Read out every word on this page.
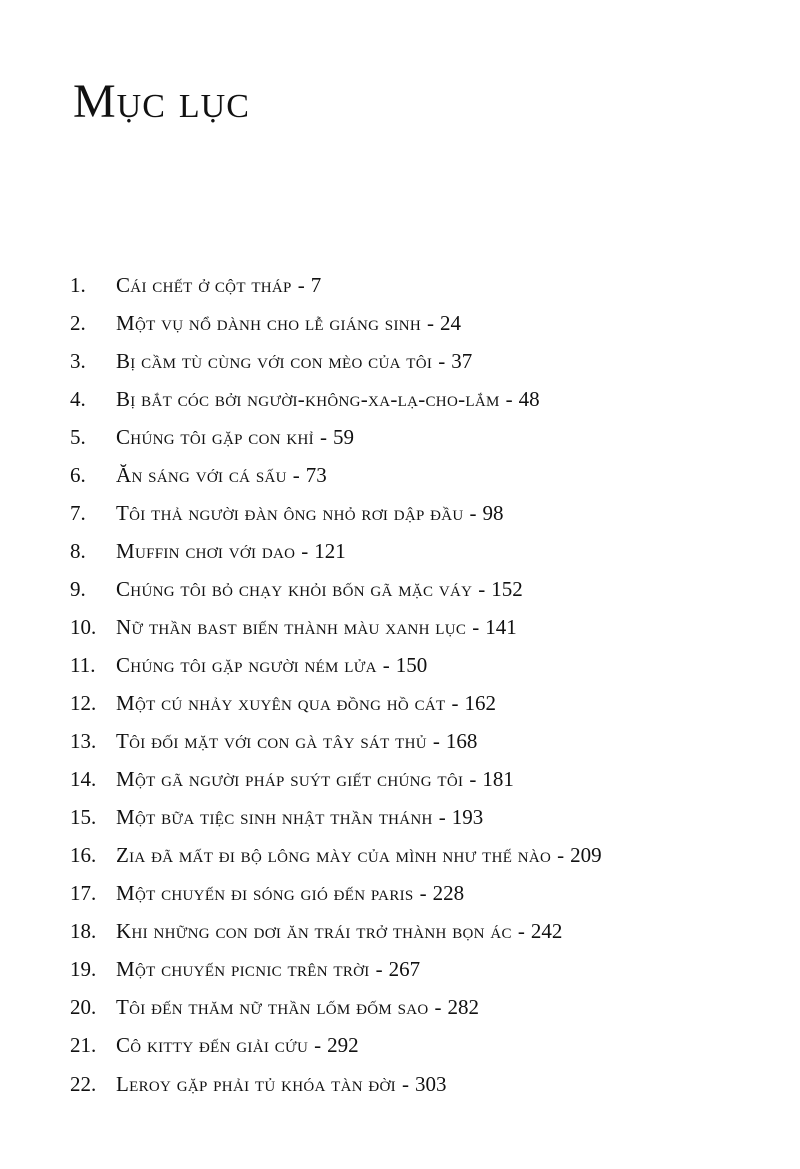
Mục lục
1.	Cái chết ở cột tháp - 7
2.	Một vụ nổ dành cho lễ giáng sinh - 24
3.	Bị cầm tù cùng với con mèo của tôi - 37
4.	Bị bắt cóc bởi người-không-xa-lạ-cho-lắm - 48
5.	Chúng tôi gặp con khỉ - 59
6.	Ăn sáng với cá sấu - 73
7.	Tôi thả người đàn ông nhỏ rơi dập đầu - 98
8.	Muffin chơi với dao - 121
9.	Chúng tôi bỏ chạy khỏi bốn gã mặc váy - 152
10. Nữ thần bast biến thành màu xanh lục - 141
11. Chúng tôi gặp người ném lửa - 150
12. Một cú nhảy xuyên qua đồng hồ cát - 162
13. Tôi đối mặt với con gà tây sát thủ - 168
14. Một gã người pháp suýt giết chúng tôi - 181
15. Một bữa tiệc sinh nhật thần thánh - 193
16. Zia đã mất đi bộ lông mày của mình như thế nào - 209
17. Một chuyến đi sóng gió đến paris - 228
18. Khi những con dơi ăn trái trở thành bọn ác - 242
19. Một chuyến picnic trên trời - 267
20. Tôi đến thăm nữ thần lốm đốm sao - 282
21. Cô kitty đến giải cứu - 292
22. Leroy gặp phải tủ khóa tàn đời - 303
